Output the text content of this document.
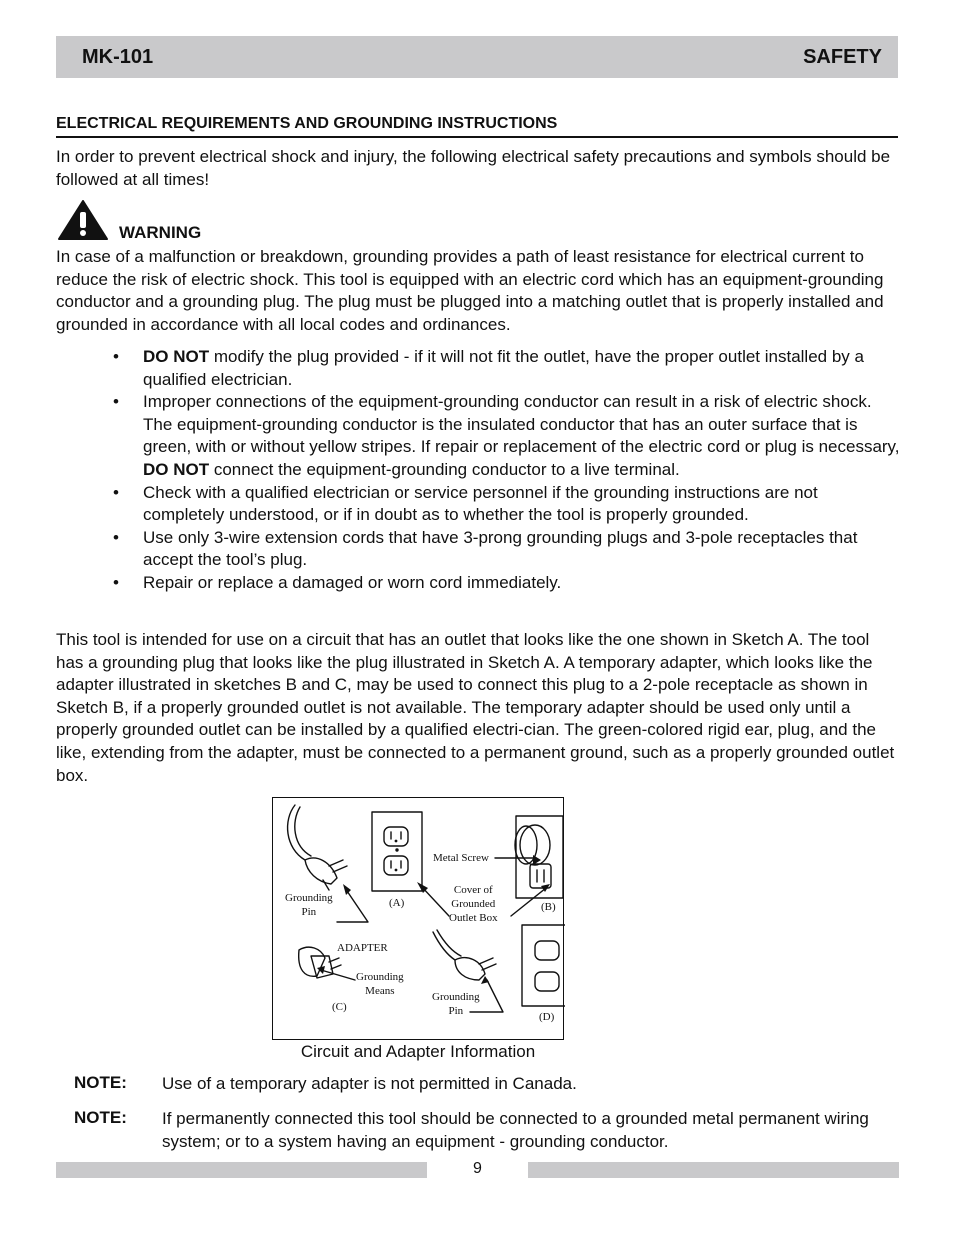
MK-101	SAFETY
ELECTRICAL REQUIREMENTS AND GROUNDING INSTRUCTIONS

In order to prevent electrical shock and injury, the following electrical safety precautions and symbols should be followed at all times!

WARNING

In case of a malfunction or breakdown, grounding provides a path of least resistance for electrical current to reduce the risk of electric shock. This tool is equipped with an electric cord which has an equipment-grounding conductor and a grounding plug. The plug must be plugged into a matching outlet that is properly installed and grounded in accordance with all local codes and ordinances.

• DO NOT modify the plug provided - if it will not fit the outlet, have the proper outlet installed by a qualified electrician.
• Improper connections of the equipment-grounding conductor can result in a risk of electric shock. The equipment-grounding conductor is the insulated conductor that has an outer surface that is green, with or without yellow stripes. If repair or replacement of the electric cord or plug is necessary, DO NOT connect the equipment-grounding conductor to a live terminal.
• Check with a qualified electrician or service personnel if the grounding instructions are not completely understood, or if in doubt as to whether the tool is properly grounded.
• Use only 3-wire extension cords that have 3-prong grounding plugs and 3-pole receptacles that accept the tool’s plug.
• Repair or replace a damaged or worn cord immediately.

This tool is intended for use on a circuit that has an outlet that looks like the one shown in Sketch A. The tool has a grounding plug that looks like the plug illustrated in Sketch A. A temporary adapter, which looks like the adapter illustrated in sketches B and C, may be used to connect this plug to a 2-pole receptacle as shown in Sketch B, if a properly grounded outlet is not available. The temporary adapter should be used only until a properly grounded outlet can be installed by a qualified electri-cian. The green-colored rigid ear, plug, and the like, extending from the adapter, must be connected to a permanent ground, such as a properly grounded outlet box.

Grounding
Pin
(A)
Metal Screw
Cover of
Grounded
Outlet Box
(B)
ADAPTER
Grounding
Means
(C)
Grounding
Pin	(D)
Circuit and Adapter Information
NOTE: Use of a temporary adapter is not permitted in Canada.
NOTE: If permanently connected this tool should be connected to a grounded metal permanent wiring system; or to a system having an equipment - grounding conductor.
9
